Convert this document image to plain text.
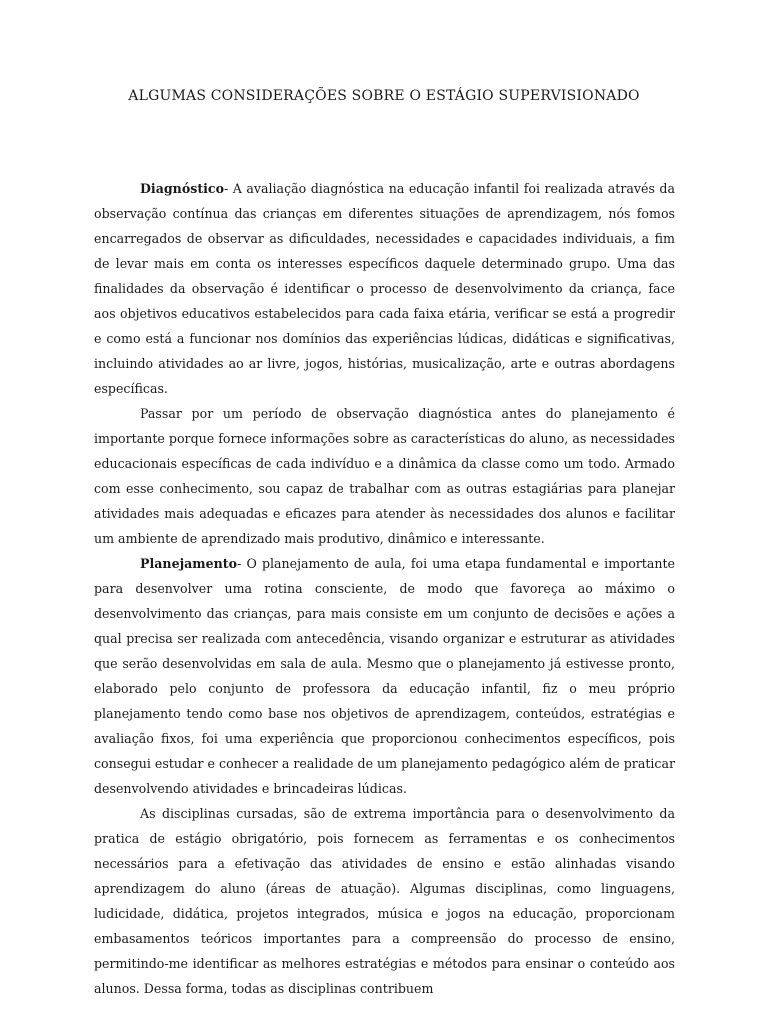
ALGUMAS CONSIDERAÇÕES SOBRE O ESTÁGIO SUPERVISIONADO

Diagnóstico- A avaliação diagnóstica na educação infantil foi realizada através da observação contínua das crianças em diferentes situações de aprendizagem, nós fomos encarregados de observar as dificuldades, necessidades e capacidades individuais, a fim de levar mais em conta os interesses específicos daquele determinado grupo. Uma das finalidades da observação é identificar o processo de desenvolvimento da criança, face aos objetivos educativos estabelecidos para cada faixa etária, verificar se está a progredir e como está a funcionar nos domínios das experiências lúdicas, didáticas e significativas, incluindo atividades ao ar livre, jogos, histórias, musicalização, arte e outras abordagens específicas.

Passar por um período de observação diagnóstica antes do planejamento é importante porque fornece informações sobre as características do aluno, as necessidades educacionais específicas de cada indivíduo e a dinâmica da classe como um todo. Armado com esse conhecimento, sou capaz de trabalhar com as outras estagiárias para planejar atividades mais adequadas e eficazes para atender às necessidades dos alunos e facilitar um ambiente de aprendizado mais produtivo, dinâmico e interessante.

Planejamento- O planejamento de aula, foi uma etapa fundamental e importante para desenvolver uma rotina consciente, de modo que favoreça ao máximo o desenvolvimento das crianças, para mais consiste em um conjunto de decisões e ações a qual precisa ser realizada com antecedência, visando organizar e estruturar as atividades que serão desenvolvidas em sala de aula. Mesmo que o planejamento já estivesse pronto, elaborado pelo conjunto de professora da educação infantil, fiz o meu próprio planejamento tendo como base nos objetivos de aprendizagem, conteúdos, estratégias e avaliação fixos, foi uma experiência que proporcionou conhecimentos específicos, pois consegui estudar e conhecer a realidade de um planejamento pedagógico além de praticar desenvolvendo atividades e brincadeiras lúdicas.

As disciplinas cursadas, são de extrema importância para o desenvolvimento da pratica de estágio obrigatório, pois fornecem as ferramentas e os conhecimentos necessários para a efetivação das atividades de ensino e estão alinhadas visando aprendizagem do aluno (áreas de atuação). Algumas disciplinas, como linguagens, ludicidade, didática, projetos integrados, música e jogos na educação, proporcionam embasamentos teóricos importantes para a compreensão do processo de ensino, permitindo-me identificar as melhores estratégias e métodos para ensinar o conteúdo aos alunos. Dessa forma, todas as disciplinas contribuem
